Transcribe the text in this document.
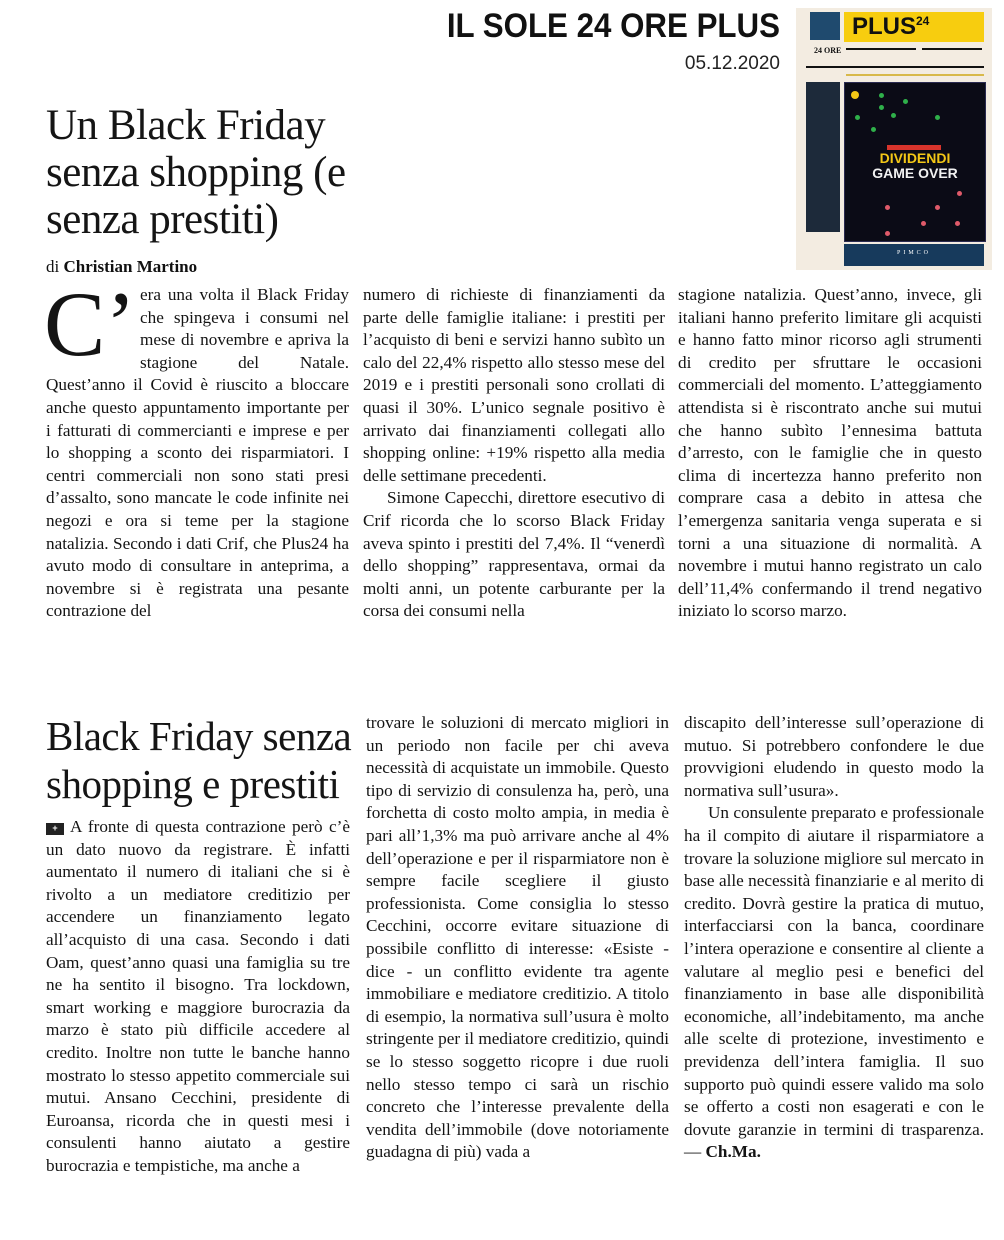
IL SOLE 24 ORE PLUS
05.12.2020
PLUS 24
24 ORE
DIVIDENDI
GAME OVER
PIMCO
Un Black Friday senza shopping (e senza prestiti)
di Christian Martino

C’ era una volta il Black Friday che spingeva i consumi nel mese di novembre e apriva la stagione del Natale. Quest’anno il Covid è riuscito a bloccare anche questo appuntamento importante per i fatturati di commercianti e imprese e per lo shopping a sconto dei risparmiatori. I centri commerciali non sono stati presi d’assalto, sono mancate le code infinite nei negozi e ora si teme per la stagione natalizia. Secondo i dati Crif, che Plus24 ha avuto modo di consultare in anteprima, a novembre si è registrata una pesante contrazione del

numero di richieste di finanziamenti da parte delle famiglie italiane: i prestiti per l’acquisto di beni e servizi hanno subìto un calo del 22,4% rispetto allo stesso mese del 2019 e i prestiti personali sono crollati di quasi il 30%. L’unico segnale positivo è arrivato dai finanziamenti collegati allo shopping online: +19% rispetto alla media delle settimane precedenti.

Simone Capecchi, direttore esecutivo di Crif ricorda che lo scorso Black Friday aveva spinto i prestiti del 7,4%. Il “venerdì dello shopping” rappresentava, ormai da molti anni, un potente carburante per la corsa dei consumi nella

stagione natalizia. Quest’anno, invece, gli italiani hanno preferito limitare gli acquisti e hanno fatto minor ricorso agli strumenti di credito per sfruttare le occasioni commerciali del momento. L’atteggiamento attendista si è riscontrato anche sui mutui che hanno subìto l’ennesima battuta d’arresto, con le famiglie che in questo clima di incertezza hanno preferito non comprare casa a debito in attesa che l’emergenza sanitaria venga superata e si torni a una situazione di normalità. A novembre i mutui hanno registrato un calo dell’11,4% confermando il trend negativo iniziato lo scorso marzo.

Black Friday senza shopping e prestiti

+ A fronte di questa contrazione però c’è un dato nuovo da registrare. È infatti aumentato il numero di italiani che si è rivolto a un mediatore creditizio per accendere un finanziamento legato all’acquisto di una casa. Secondo i dati Oam, quest’anno quasi una famiglia su tre ne ha sentito il bisogno. Tra lockdown, smart working e maggiore burocrazia da marzo è stato più difficile accedere al credito. Inoltre non tutte le banche hanno mostrato lo stesso appetito commerciale sui mutui. Ansano Cecchini, presidente di Euroansa, ricorda che in questi mesi i consulenti hanno aiutato a gestire burocrazia e tempistiche, ma anche a

trovare le soluzioni di mercato migliori in un periodo non facile per chi aveva necessità di acquistate un immobile. Questo tipo di servizio di consulenza ha, però, una forchetta di costo molto ampia, in media è pari all’1,3% ma può arrivare anche al 4% dell’operazione e per il risparmiatore non è sempre facile scegliere il giusto professionista. Come consiglia lo stesso Cecchini, occorre evitare situazione di possibile conflitto di interesse: «Esiste - dice - un conflitto evidente tra agente immobiliare e mediatore creditizio. A titolo di esempio, la normativa sull’usura è molto stringente per il mediatore creditizio, quindi se lo stesso soggetto ricopre i due ruoli nello stesso tempo ci sarà un rischio concreto che l’interesse prevalente della vendita dell’immobile (dove notoriamente guadagna di più) vada a

discapito dell’interesse sull’operazione di mutuo. Si potrebbero confondere le due provvigioni eludendo in questo modo la normativa sull’usura».

Un consulente preparato e professionale ha il compito di aiutare il risparmiatore a trovare la soluzione migliore sul mercato in base alle necessità finanziarie e al merito di credito. Dovrà gestire la pratica di mutuo, interfacciarsi con la banca, coordinare l’intera operazione e consentire al cliente a valutare al meglio pesi e benefici del finanziamento in base alle disponibilità economiche, all’indebitamento, ma anche alle scelte di protezione, investimento e previdenza dell’intera famiglia. Il suo supporto può quindi essere valido ma solo se offerto a costi non esagerati e con le dovute garanzie in termini di trasparenza. — Ch.Ma.
